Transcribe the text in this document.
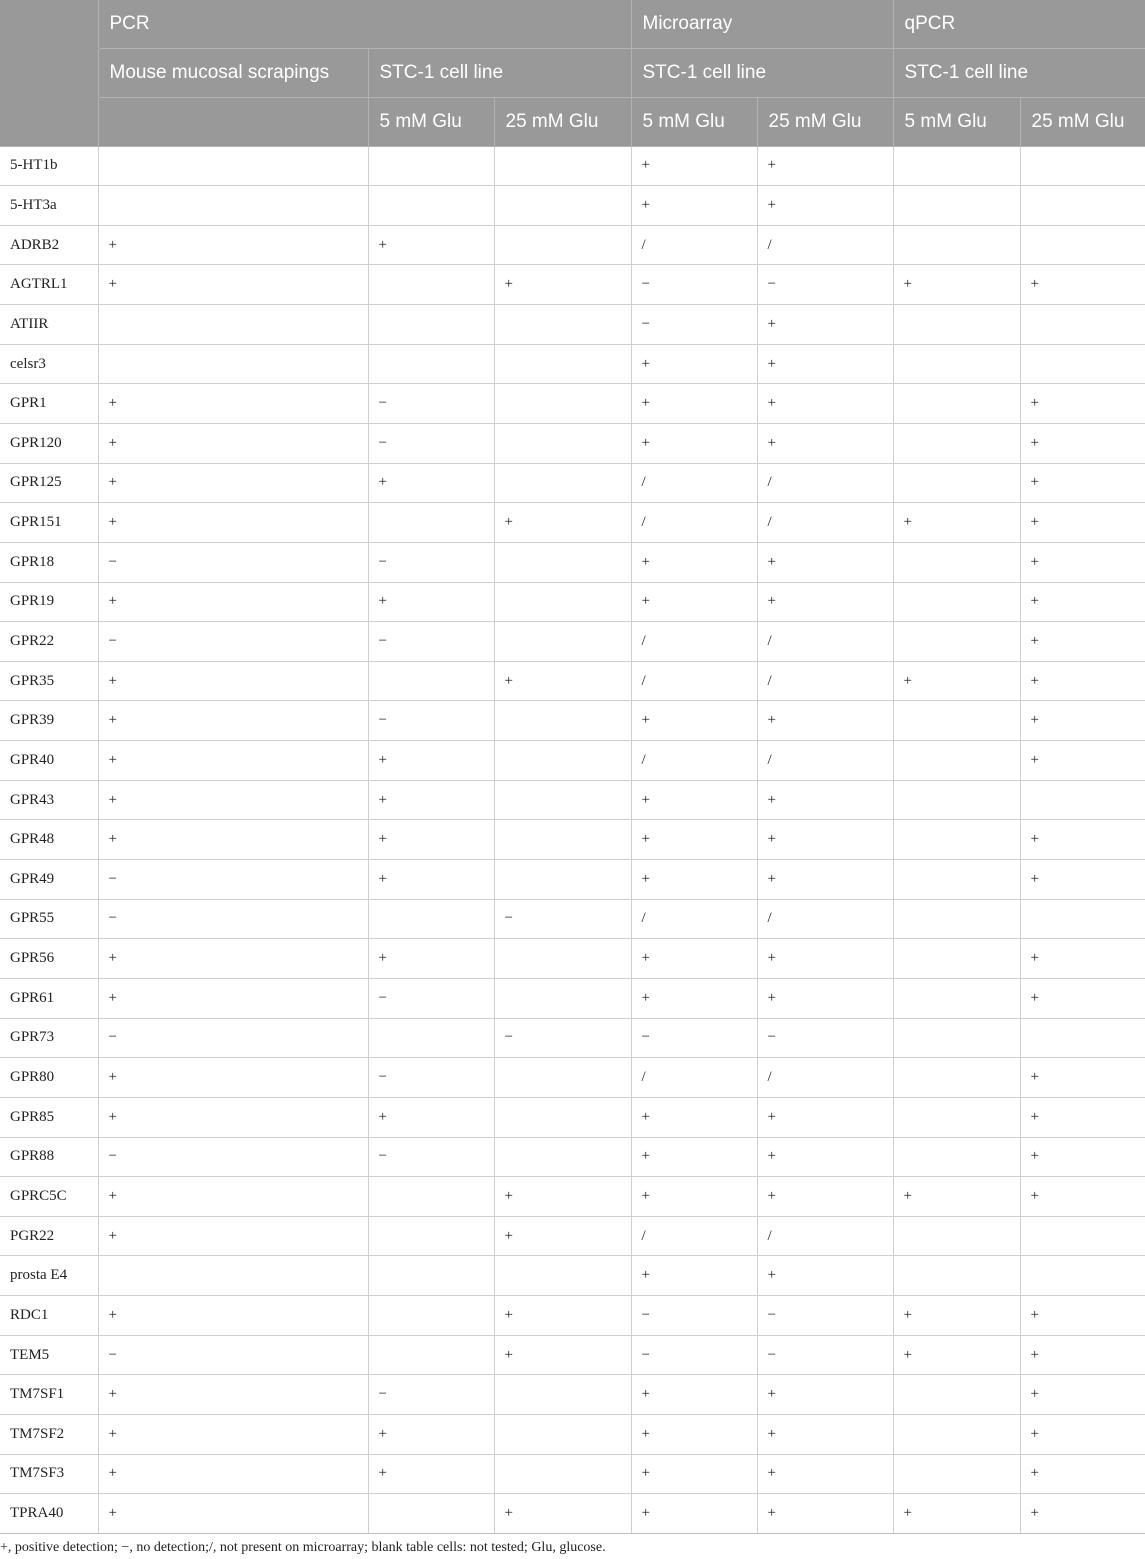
	PCR			Microarray		qPCR	
	Mouse mucosal scrapings	STC-1 cell line		STC-1 cell line		STC-1 cell line	
		5 mM Glu	25 mM Glu	5 mM Glu	25 mM Glu	5 mM Glu	25 mM Glu
5-HT1b				+	+		
5-HT3a				+	+		
ADRB2	+	+		/	/		
AGTRL1	+		+	−	−	+	+
ATIIR				−	+		
celsr3				+	+		
GPR1	+	−		+	+		+
GPR120	+	−		+	+		+
GPR125	+	+		/	/		+
GPR151	+		+	/	/	+	+
GPR18	−	−		+	+		+
GPR19	+	+		+	+		+
GPR22	−	−		/	/		+
GPR35	+		+	/	/	+	+
GPR39	+	−		+	+		+
GPR40	+	+		/	/		+
GPR43	+	+		+	+		
GPR48	+	+		+	+		+
GPR49	−	+		+	+		+
GPR55	−		−	/	/		
GPR56	+	+		+	+		+
GPR61	+	−		+	+		+
GPR73	−		−	−	−		
GPR80	+	−		/	/		+
GPR85	+	+		+	+		+
GPR88	−	−		+	+		+
GPRC5C	+		+	+	+	+	+
PGR22	+		+	/	/		
prosta E4				+	+		
RDC1	+		+	−	−	+	+
TEM5	−		+	−	−	+	+
TM7SF1	+	−		+	+		+
TM7SF2	+	+		+	+		+
TM7SF3	+	+		+	+		+
TPRA40	+		+	+	+	+	+
+, positive detection; −, no detection;/, not present on microarray; blank table cells: not tested; Glu, glucose.
